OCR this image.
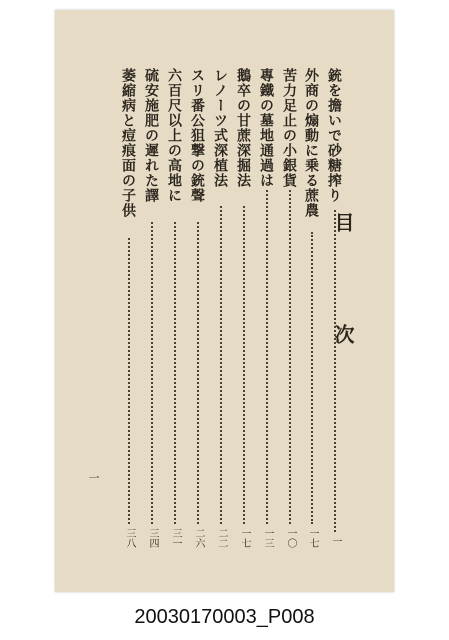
目　次
銃を擔いで砂糖搾り
一
外商の煽動に乗る蔗農
一七
苦力足止の小銀貨
一〇
專鐵の墓地通過は
一三
鵝卒の甘蔗深掘法
一七
レノーツ式深植法
二二
スリ番公狙撃の銃聲
二六
六百尺以上の高地に
三一
硫安施肥の遲れた譯
三四
萎縮病と痘痕面の子供
三八
一
20030170003_P008
